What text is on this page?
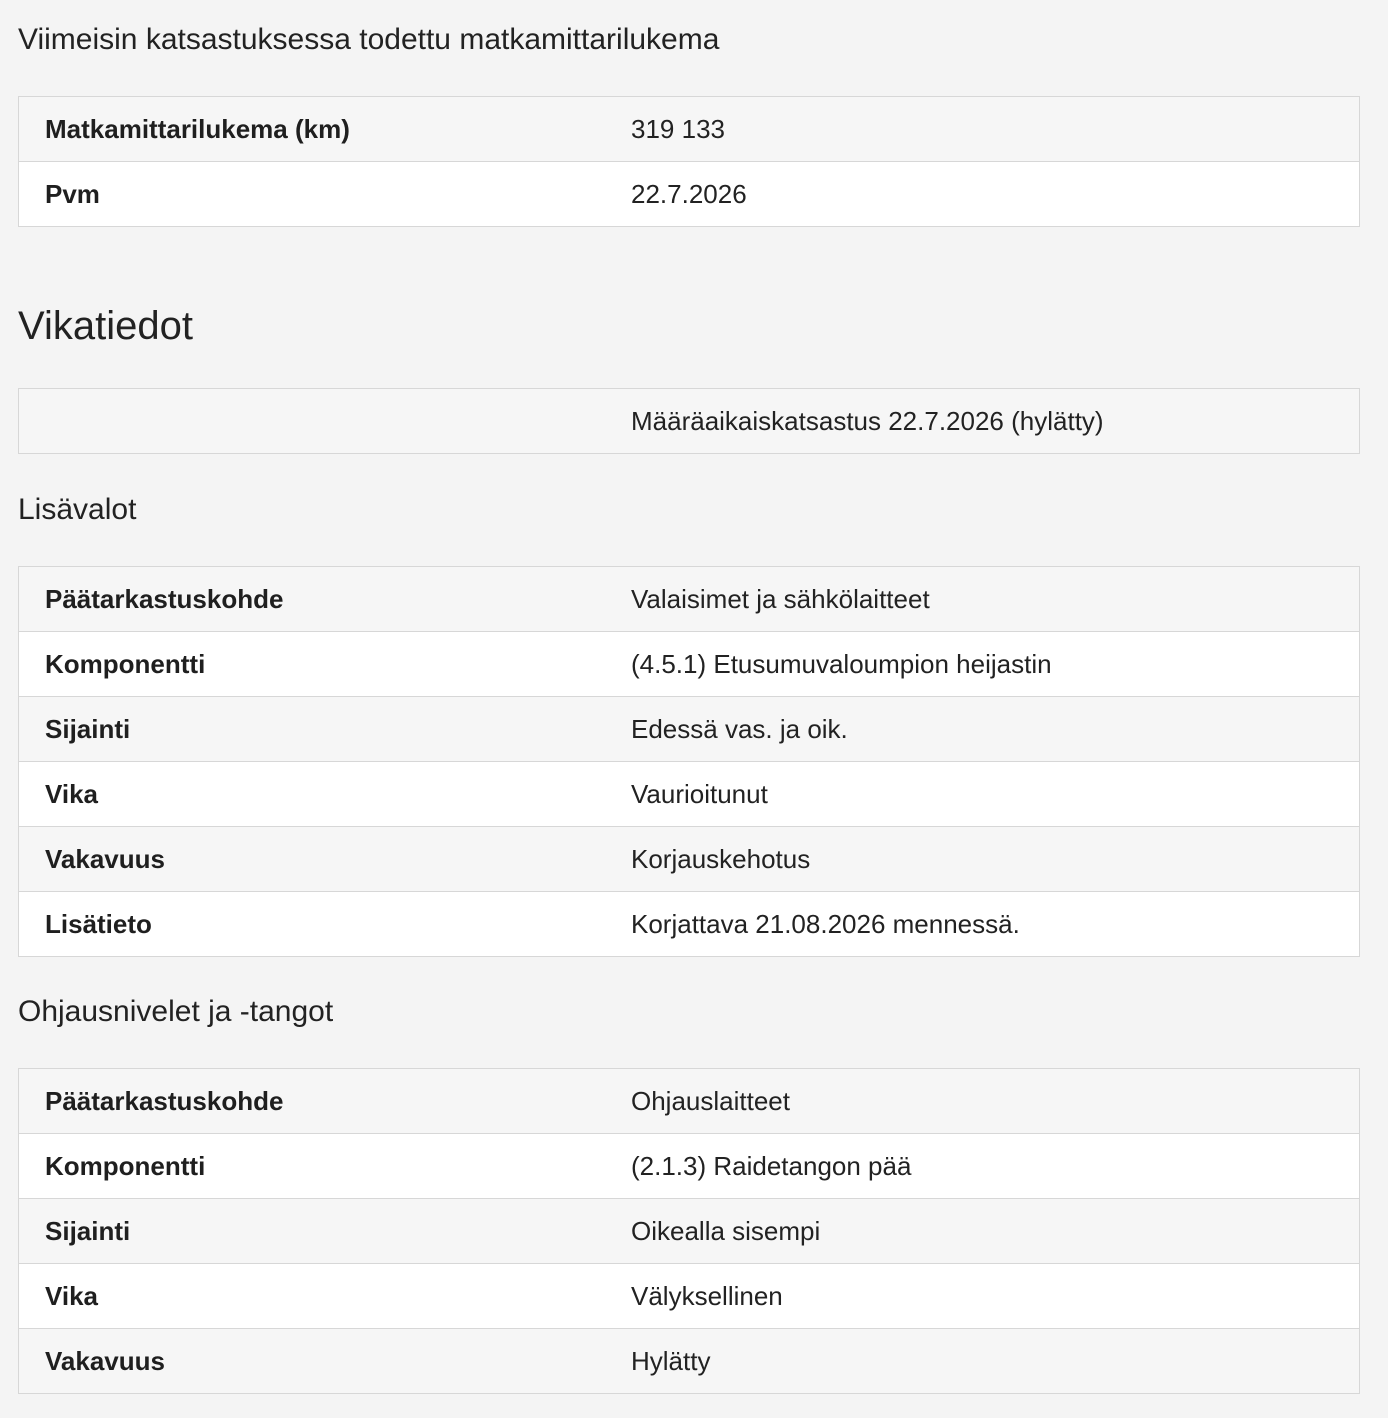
Viimeisin katsastuksessa todettu matkamittarilukema
Matkamittarilukema (km)	319 133
Pvm	22.7.2026
Vikatiedot
Määräaikaiskatsastus 22.7.2026 (hylätty)
Lisävalot
Päätarkastuskohde	Valaisimet ja sähkölaitteet
Komponentti	(4.5.1) Etusumuvaloumpion heijastin
Sijainti	Edessä vas. ja oik.
Vika	Vaurioitunut
Vakavuus	Korjauskehotus
Lisätieto	Korjattava 21.08.2026 mennessä.
Ohjausnivelet ja -tangot
Päätarkastuskohde	Ohjauslaitteet
Komponentti	(2.1.3) Raidetangon pää
Sijainti	Oikealla sisempi
Vika	Välyksellinen
Vakavuus	Hylätty
